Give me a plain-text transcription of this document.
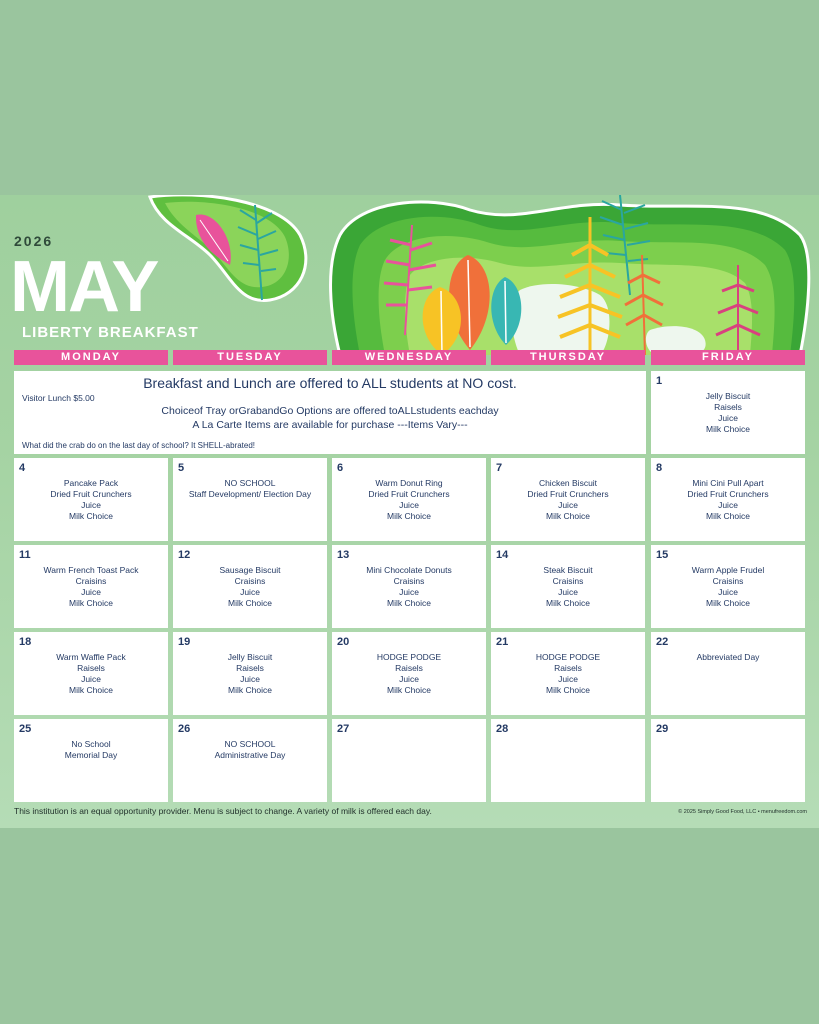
2026
MAY
LIBERTY BREAKFAST
MONDAY	TUESDAY	WEDNESDAY	THURSDAY	FRIDAY
Breakfast and Lunch are offered to ALL students at NO cost.
Visitor Lunch $5.00
Choiceof Tray orGrabandGo Options are offered toALLstudents eachday
A La Carte Items are available for purchase ---Items Vary---
What did the crab do on the last day of school? It SHELL-abrated!
1
Jelly Biscuit
Raisels
Juice
Milk Choice
4
Pancake Pack
Dried Fruit Crunchers
Juice
Milk Choice
5
NO SCHOOL
Staff Development/ Election Day
6
Warm Donut Ring
Dried Fruit Crunchers
Juice
Milk Choice
7
Chicken Biscuit
Dried Fruit Crunchers
Juice
Milk Choice
8
Mini Cini Pull Apart
Dried Fruit Crunchers
Juice
Milk Choice
11
Warm French Toast Pack
Craisins
Juice
Milk Choice
12
Sausage Biscuit
Craisins
Juice
Milk Choice
13
Mini Chocolate Donuts
Craisins
Juice
Milk Choice
14
Steak Biscuit
Craisins
Juice
Milk Choice
15
Warm Apple Frudel
Craisins
Juice
Milk Choice
18
Warm Waffle Pack
Raisels
Juice
Milk Choice
19
Jelly Biscuit
Raisels
Juice
Milk Choice
20
HODGE PODGE
Raisels
Juice
Milk Choice
21
HODGE PODGE
Raisels
Juice
Milk Choice
22
Abbreviated Day
25
No School
Memorial Day
26
NO SCHOOL
Administrative Day
27	28	29
This institution is an equal opportunity provider. Menu is subject to change. A variety of milk is offered each day.	© 2025 Simply Good Food, LLC • menufreedom.com
